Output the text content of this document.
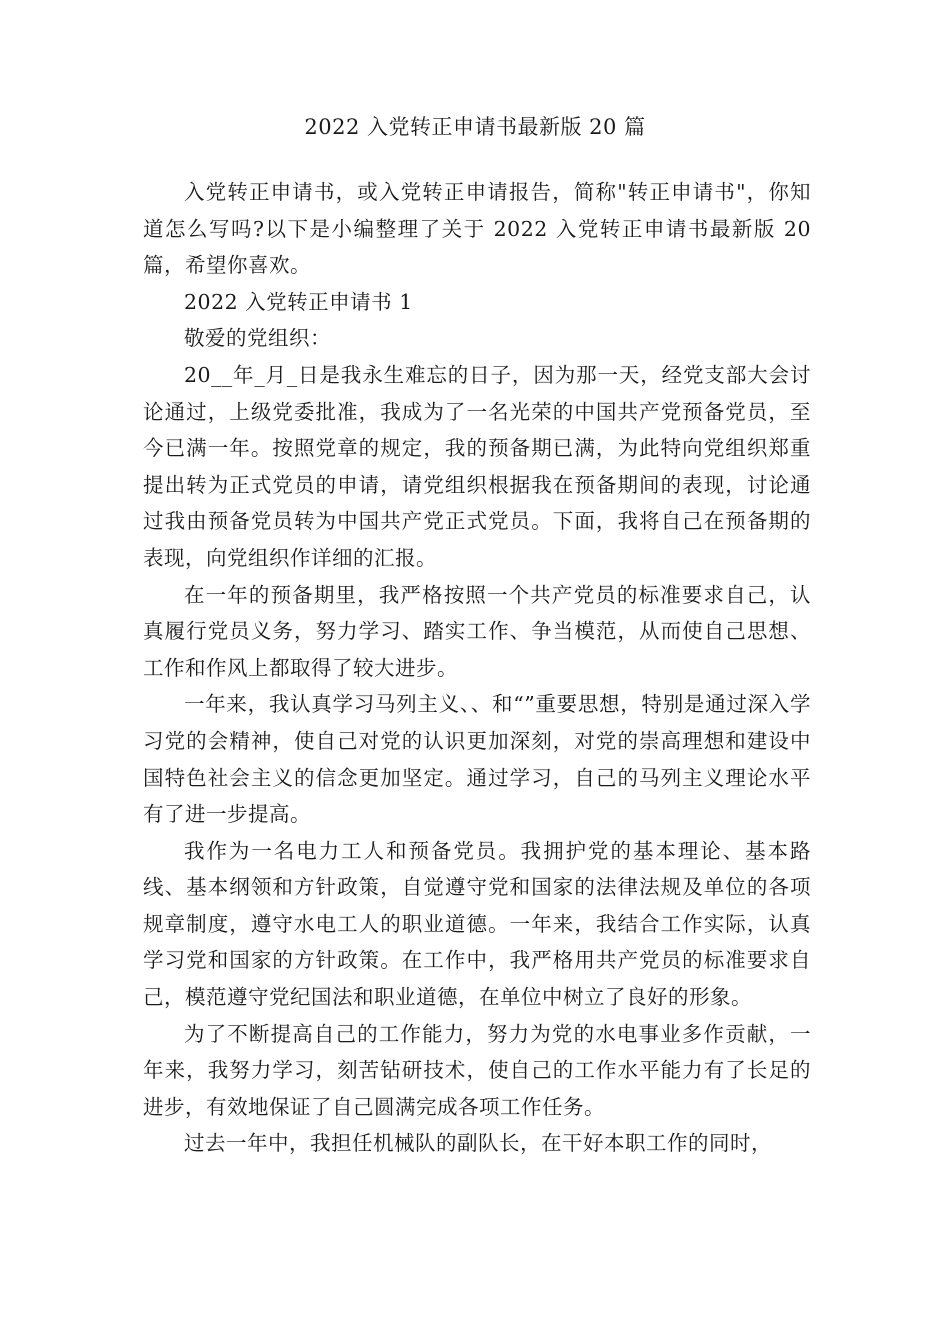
2022 入党转正申请书最新版 20 篇

入党转正申请书，或入党转正申请报告，简称"转正申请书"，你知道怎么写吗?以下是小编整理了关于 2022 入党转正申请书最新版 20 篇，希望你喜欢。

2022 入党转正申请书 1

敬爱的党组织：

20__年_月_日是我永生难忘的日子，因为那一天，经党支部大会讨论通过，上级党委批准，我成为了一名光荣的中国共产党预备党员，至今已满一年。按照党章的规定，我的预备期已满，为此特向党组织郑重提出转为正式党员的申请，请党组织根据我在预备期间的表现，讨论通过我由预备党员转为中国共产党正式党员。下面，我将自己在预备期的表现，向党组织作详细的汇报。

在一年的预备期里，我严格按照一个共产党员的标准要求自己，认真履行党员义务，努力学习、踏实工作、争当模范，从而使自己思想、工作和作风上都取得了较大进步。

一年来，我认真学习马列主义、、和“”重要思想，特别是通过深入学习党的会精神，使自己对党的认识更加深刻，对党的崇高理想和建设中国特色社会主义的信念更加坚定。通过学习，自己的马列主义理论水平有了进一步提高。

我作为一名电力工人和预备党员。我拥护党的基本理论、基本路线、基本纲领和方针政策，自觉遵守党和国家的法律法规及单位的各项规章制度，遵守水电工人的职业道德。一年来，我结合工作实际，认真学习党和国家的方针政策。在工作中，我严格用共产党员的标准要求自己，模范遵守党纪国法和职业道德，在单位中树立了良好的形象。

为了不断提高自己的工作能力，努力为党的水电事业多作贡献，一年来，我努力学习，刻苦钻研技术，使自己的工作水平能力有了长足的进步，有效地保证了自己圆满完成各项工作任务。

过去一年中，我担任机械队的副队长，在干好本职工作的同时，
